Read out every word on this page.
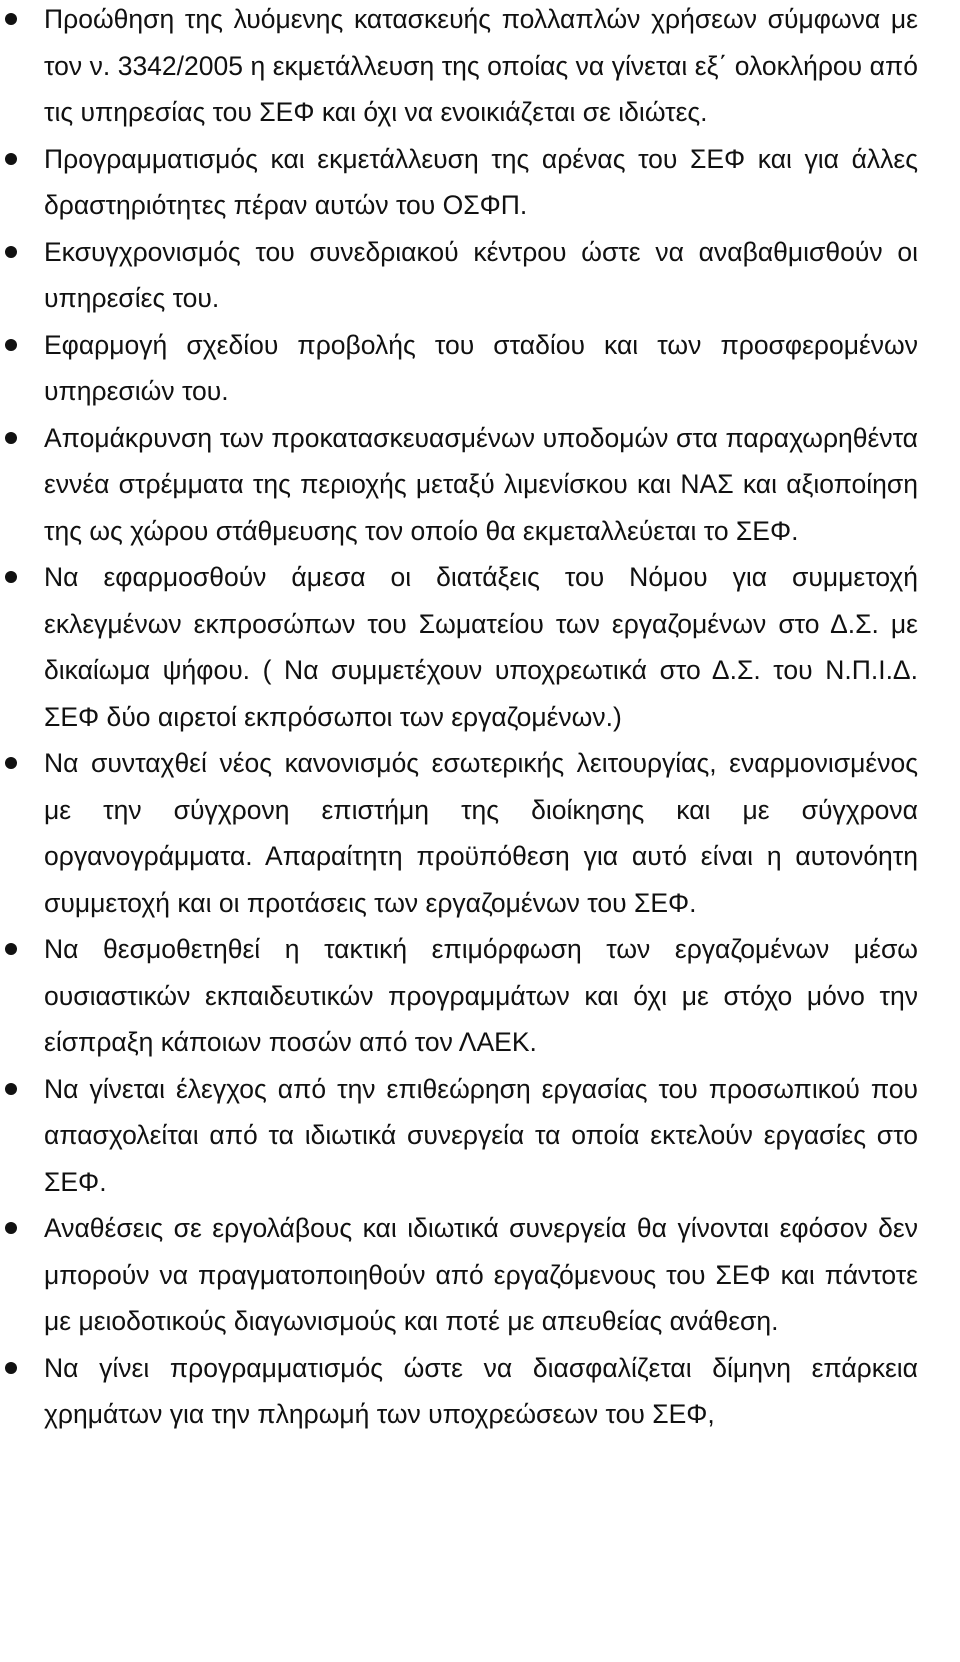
Προώθηση της λυόμενης κατασκευής πολλαπλών χρήσεων σύμφωνα με τον ν. 3342/2005 η εκμετάλλευση της οποίας να γίνεται εξ΄ ολοκλήρου από τις υπηρεσίας του ΣΕΦ και όχι να ενοικιάζεται σε ιδιώτες.
Προγραμματισμός και εκμετάλλευση της αρένας του ΣΕΦ και για άλλες δραστηριότητες πέραν αυτών του ΟΣΦΠ.
Εκσυγχρονισμός του συνεδριακού κέντρου ώστε να αναβαθμισθούν οι υπηρεσίες του.
Εφαρμογή σχεδίου προβολής του σταδίου και των προσφερομένων υπηρεσιών του.
Απομάκρυνση των προκατασκευασμένων υποδομών στα παραχωρηθέντα εννέα στρέμματα της περιοχής μεταξύ λιμενίσκου και ΝΑΣ και αξιοποίηση της ως χώρου στάθμευσης τον οποίο θα εκμεταλλεύεται το ΣΕΦ.
Να εφαρμοσθούν άμεσα οι διατάξεις του Νόμου για συμμετοχή εκλεγμένων εκπροσώπων του Σωματείου των εργαζομένων στο Δ.Σ. με δικαίωμα ψήφου. ( Να συμμετέχουν υποχρεωτικά στο Δ.Σ. του Ν.Π.Ι.Δ. ΣΕΦ δύο αιρετοί εκπρόσωποι των εργαζομένων.)
Να συνταχθεί νέος κανονισμός εσωτερικής λειτουργίας, εναρμονισμένος με την σύγχρονη επιστήμη της διοίκησης και με σύγχρονα οργανογράμματα. Απαραίτητη προϋπόθεση για αυτό είναι η αυτονόητη συμμετοχή και οι προτάσεις των εργαζομένων του ΣΕΦ.
Να θεσμοθετηθεί η τακτική επιμόρφωση των εργαζομένων μέσω ουσιαστικών εκπαιδευτικών προγραμμάτων και όχι με στόχο μόνο την είσπραξη κάποιων ποσών από τον ΛΑΕΚ.
Να γίνεται έλεγχος από την επιθεώρηση εργασίας του προσωπικού που απασχολείται από τα ιδιωτικά συνεργεία τα οποία εκτελούν εργασίες στο ΣΕΦ.
Αναθέσεις σε εργολάβους και ιδιωτικά συνεργεία θα γίνονται εφόσον δεν μπορούν να πραγματοποιηθούν από εργαζόμενους του ΣΕΦ και πάντοτε με μειοδοτικούς διαγωνισμούς και ποτέ με απευθείας ανάθεση.
Να γίνει προγραμματισμός ώστε να διασφαλίζεται δίμηνη επάρκεια χρημάτων για την πληρωμή των υποχρεώσεων του ΣΕΦ,
